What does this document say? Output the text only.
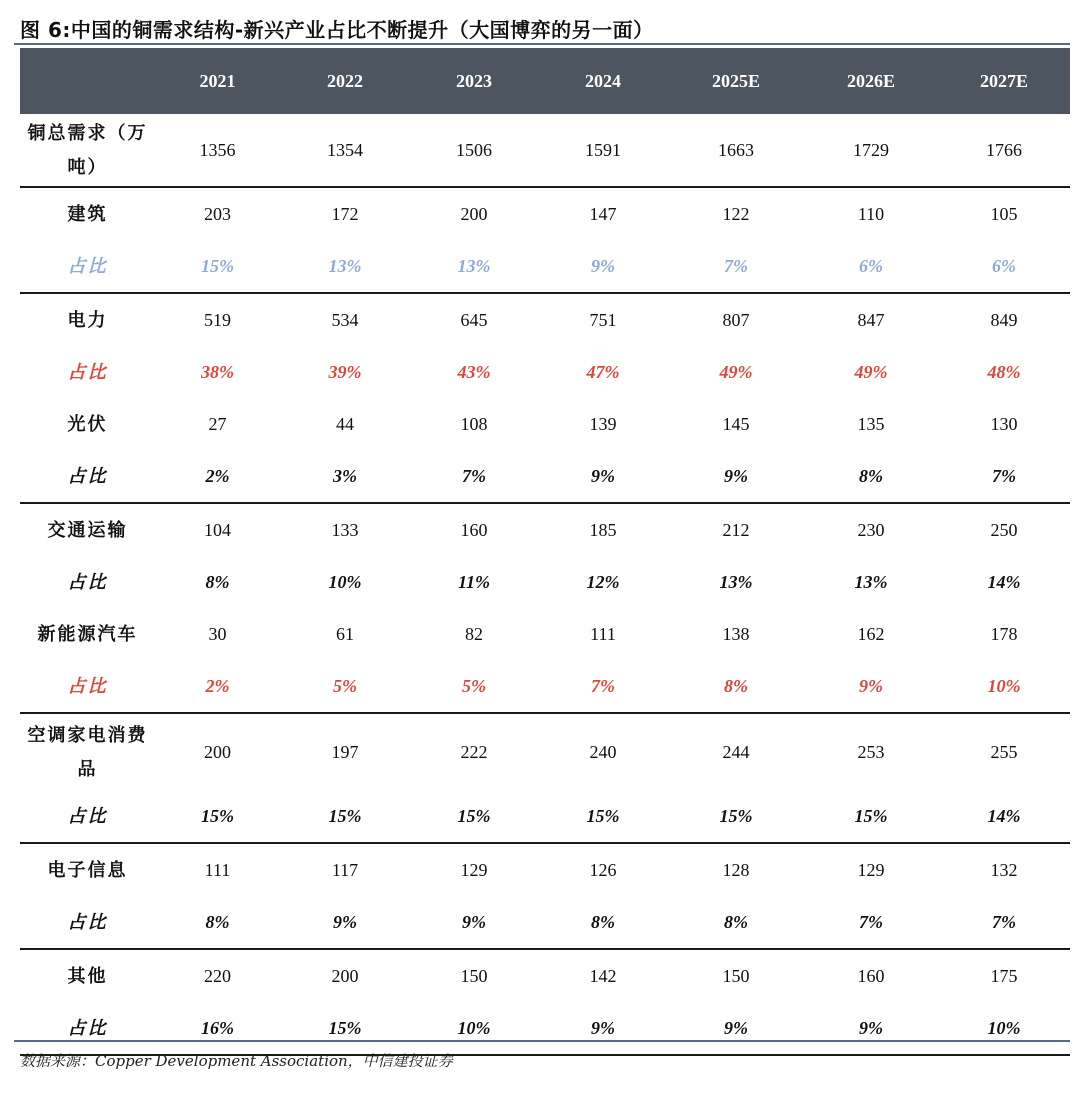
图 6:中国的铜需求结构-新兴产业占比不断提升（大国博弈的另一面）
	2021	2022	2023	2024	2025E	2026E	2027E
铜总需求（万吨）	1356	1354	1506	1591	1663	1729	1766
建筑	203	172	200	147	122	110	105
占比	15%	13%	13%	9%	7%	6%	6%
电力	519	534	645	751	807	847	849
占比	38%	39%	43%	47%	49%	49%	48%
光伏	27	44	108	139	145	135	130
占比	2%	3%	7%	9%	9%	8%	7%
交通运输	104	133	160	185	212	230	250
占比	8%	10%	11%	12%	13%	13%	14%
新能源汽车	30	61	82	111	138	162	178
占比	2%	5%	5%	7%	8%	9%	10%
空调家电消费品	200	197	222	240	244	253	255
占比	15%	15%	15%	15%	15%	15%	14%
电子信息	111	117	129	126	128	129	132
占比	8%	9%	9%	8%	8%	7%	7%
其他	220	200	150	142	150	160	175
占比	16%	15%	10%	9%	9%	9%	10%
数据来源：Copper Development Association，中信建投证券
